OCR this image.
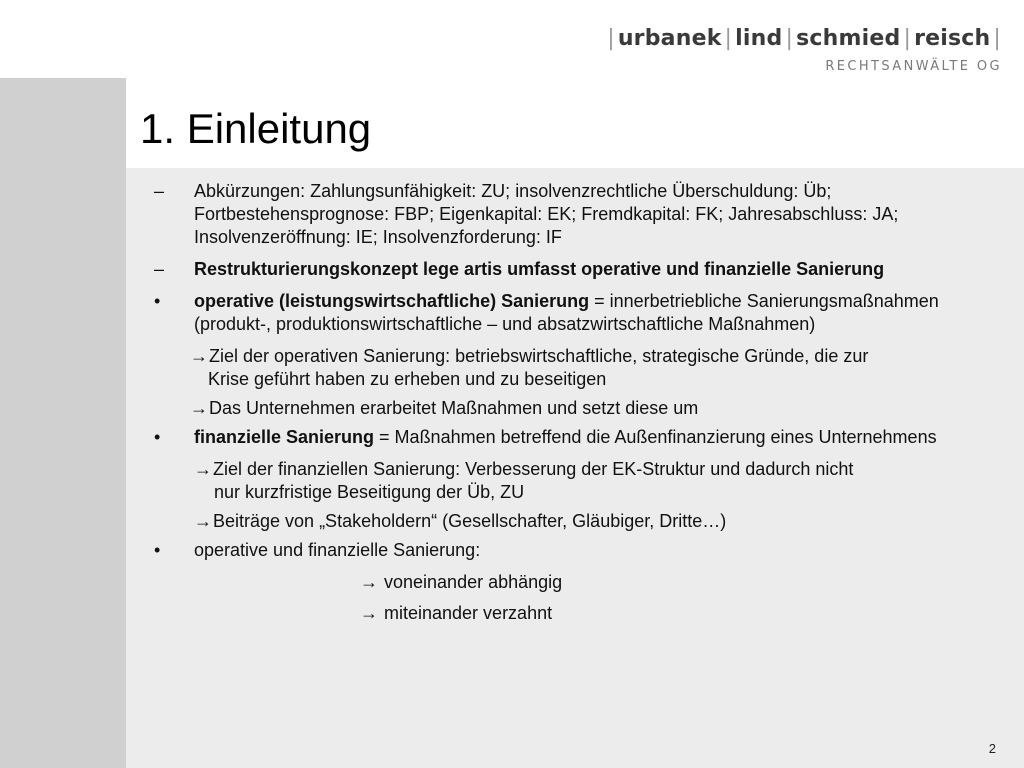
| urbanek | lind | schmied | reisch |
RECHTSANWÄLTE OG
1. Einleitung
–	Abkürzungen: Zahlungsunfähigkeit: ZU; insolvenzrechtliche Überschuldung: Üb; Fortbestehensprognose: FBP; Eigenkapital: EK; Fremdkapital: FK; Jahresabschluss: JA; Insolvenzeröffnung: IE; Insolvenzforderung: IF
–	Restrukturierungskonzept lege artis umfasst operative und finanzielle Sanierung
•	operative (leistungswirtschaftliche) Sanierung = innerbetriebliche Sanierungsmaßnahmen (produkt-, produktionswirtschaftliche – und absatzwirtschaftliche Maßnahmen)
→Ziel der operativen Sanierung: betriebswirtschaftliche, strategische Gründe, die zur
Krise geführt haben zu erheben und zu beseitigen
→Das Unternehmen erarbeitet Maßnahmen und setzt diese um
•	finanzielle Sanierung = Maßnahmen betreffend die Außenfinanzierung eines Unternehmens
→Ziel der finanziellen Sanierung: Verbesserung der EK-Struktur und dadurch nicht
nur kurzfristige Beseitigung der Üb, ZU
→Beiträge von „Stakeholdern“ (Gesellschafter, Gläubiger, Dritte…)
•	operative und finanzielle Sanierung:
→ voneinander abhängig
→ miteinander verzahnt
2
